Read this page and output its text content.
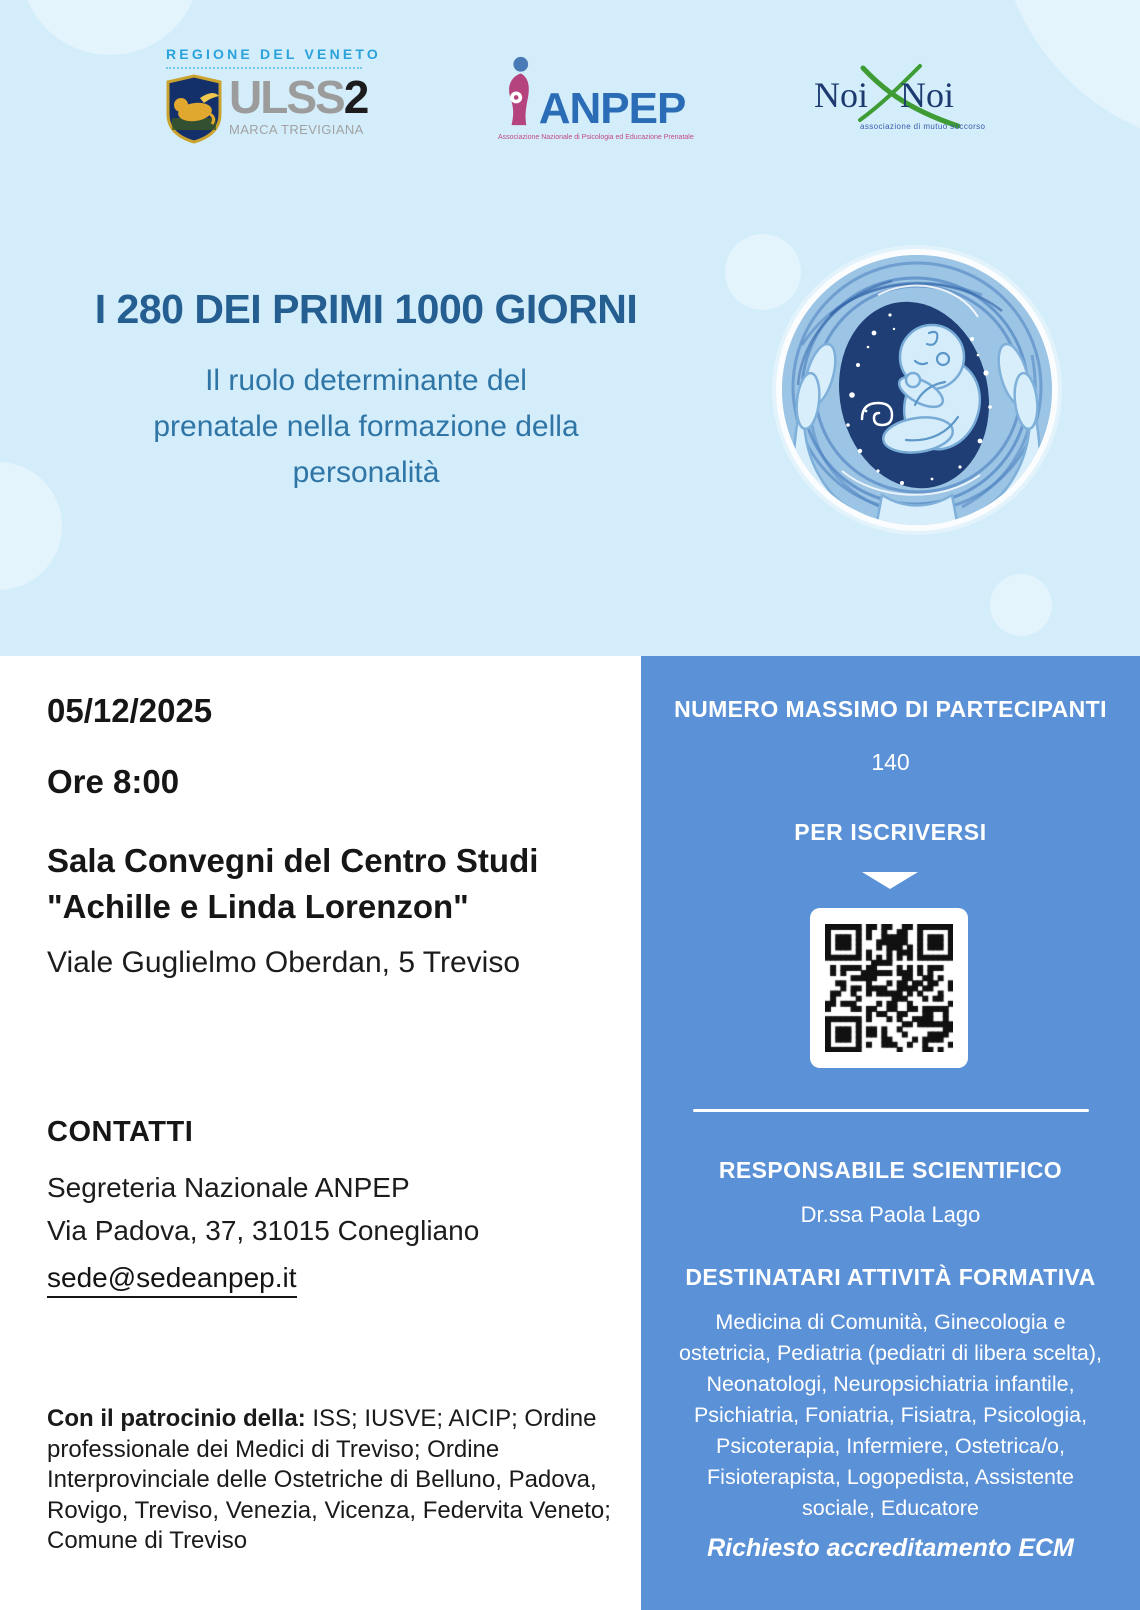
REGIONE DEL VENETO
ULSS2
MARCA TREVIGIANA	ANPEP
Associazione Nazionale di Psicologia ed Educazione Prenatale
Noi Noi
associazione di mutuo soccorso
I 280 DEI PRIMI 1000 GIORNI
Il ruolo determinante del
prenatale nella formazione della
personalità
05/12/2025
Ore 8:00
Sala Convegni del Centro Studi
"Achille e Linda Lorenzon"
Viale Guglielmo Oberdan, 5 Treviso
CONTATTI
Segreteria Nazionale ANPEP
Via Padova, 37, 31015 Conegliano
sede@sedeanpep.it
Con il patrocinio della: ISS; IUSVE; AICIP; Ordine professionale dei Medici di Treviso; Ordine Interprovinciale delle Ostetriche di Belluno, Padova, Rovigo, Treviso, Venezia, Vicenza, Federvita Veneto; Comune di Treviso
NUMERO MASSIMO DI PARTECIPANTI
140
PER ISCRIVERSI
RESPONSABILE SCIENTIFICO
Dr.ssa Paola Lago
DESTINATARI ATTIVITÀ FORMATIVA
Medicina di Comunità, Ginecologia e ostetricia, Pediatria (pediatri di libera scelta), Neonatologi, Neuropsichiatria infantile, Psichiatria, Foniatria, Fisiatra, Psicologia, Psicoterapia, Infermiere, Ostetrica/o, Fisioterapista, Logopedista, Assistente sociale, Educatore
Richiesto accreditamento ECM
